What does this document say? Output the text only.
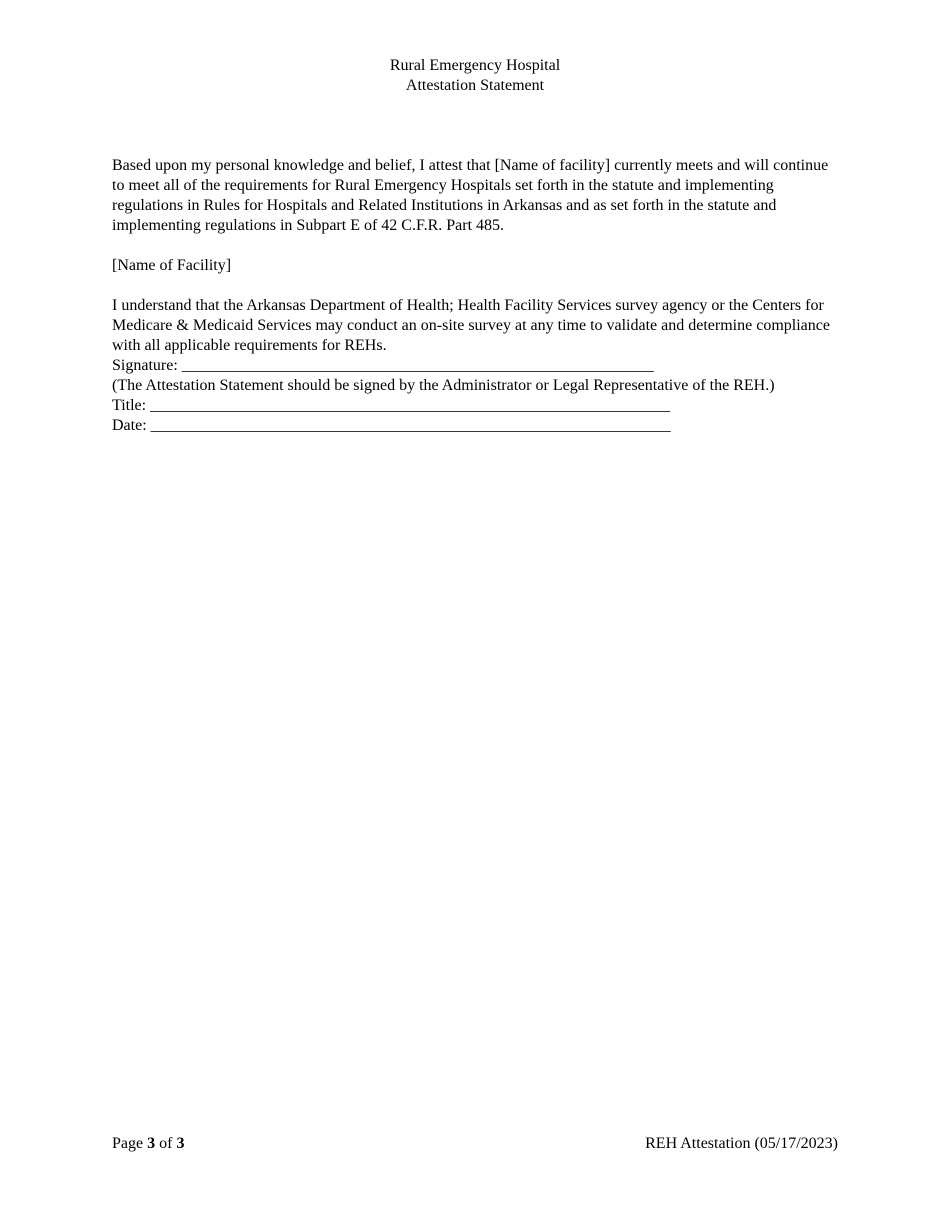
Rural Emergency Hospital
Attestation Statement

Based upon my personal knowledge and belief, I attest that [Name of facility] currently meets and will continue to meet all of the requirements for Rural Emergency Hospitals set forth in the statute and implementing regulations in Rules for Hospitals and Related Institutions in Arkansas and as set forth in the statute and implementing regulations in Subpart E of 42 C.F.R. Part 485.

[Name of Facility]

I understand that the Arkansas Department of Health; Health Facility Services survey agency or the Centers for Medicare & Medicaid Services may conduct an on-site survey at any time to validate and determine compliance with all applicable requirements for REHs.

Signature: ___________________________________________________________

(The Attestation Statement should be signed by the Administrator or Legal Representative of the REH.)

Title: _________________________________________________________________

Date: _________________________________________________________________

Page 3 of 3	REH Attestation (05/17/2023)
